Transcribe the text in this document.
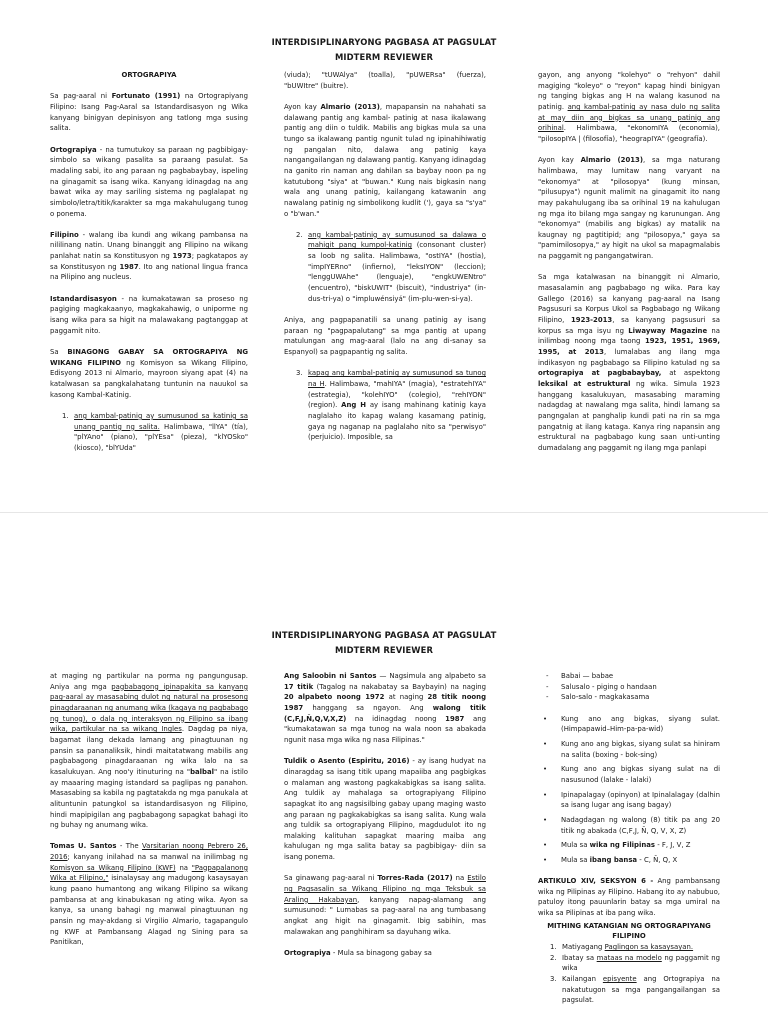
INTERDISIPLINARYONG PAGBASA AT PAGSULAT
MIDTERM REVIEWER
ORTOGRAPIYA

Sa pag-aaral ni Fortunato (1991) na Ortograpiyang Filipino: Isang Pag-Aaral sa Istandardisasyon ng Wika kanyang binigyan depinisyon ang tatlong mga susing salita.

Ortograpiya - na tumutukoy sa paraan ng pagbibigay-simbolo sa wikang pasalita sa paraang pasulat. Sa madaling sabi, ito ang paraan ng pagbabaybay, ispeling na ginagamit sa isang wika. Kanyang idinagdag na ang bawat wika ay may sariling sistema ng paglalapat ng simbolo/letra/titik/karakter sa mga makahulugang tunog o ponema.

Filipino - walang iba kundi ang wikang pambansa na nililinang natin. Unang binanggit ang Filipino na wikang panlahat natin sa Konstitusyon ng 1973; pagkatapos ay sa Konstitusyon ng 1987. Ito ang national lingua franca na Pilipino ang nucleus.

Istandardisasyon - na kumakatawan sa proseso ng pagiging magkakaanyo, magkakahawig, o uniporme ng isang wika para sa higit na malawakang pagtanggap at paggamit nito.

Sa BINAGONG GABAY SA ORTOGRAPIYA NG WIKANG FILIPINO ng Komisyon sa Wikang Filipino, Edisyong 2013 ni Almario, mayroon siyang apat (4) na katalwasan sa pangkalahatang tuntunin na nauukol sa kasong Kambal-Katinig.

1. ang kambal-patinig ay sumusunod sa katinig sa unang pantig ng salita. Halimbawa, "llYA" (tía), "plYAno" (piano), "plYEsa" (pieza), "klYOSko" (kiosco), "blYUda"

(viuda); "tUWAlya" (toalla), "pUWERsa" (fuerza), "bUWItre" (buitre).

Ayon kay Almario (2013), mapapansin na nahahati sa dalawang pantig ang kambal- patinig at nasa ikalawang pantig ang diin o tuldik. Mabilis ang bigkas mula sa una tungo sa ikalawang pantig ngunit tulad ng ipinahihiwatig ng pangalan nito, dalawa ang patinig kaya nangangailangan ng dalawang pantig. Kanyang idinagdag na ganito rin naman ang dahilan sa baybay noon pa ng katutubong "siya" at "buwan." Kung nais bigkasin nang wala ang unang patinig, kailangang katawanin ang nawalang patinig ng simbolikong kudlit ('), gaya sa "s'ya" o "b'wan."

2. ang kambal-patinig ay sumusunod sa dalawa o mahigit pang kumpol-katinig (consonant cluster) sa loob ng salita. Halimbawa, "ostIYA" (hostia), "impIYERno" (infierno), "leksIYON" (leccion); "lenggUWAhe" (lenguaje), "engkUWENtro" (encuentro), "biskUWIT" (biscuit), "industriya" (in-dus-tri-ya) o "impluwénsiyá" (im-plu-wen-si-ya).

Aniya, ang pagpapanatili sa unang patinig ay isang paraan ng "pagpapalutang" sa mga pantig at upang matulungan ang mag-aaral (lalo na ang di-sanay sa Espanyol) sa pagpapantig ng salita.

3. kapag ang kambal-patinig ay sumusunod sa tunog na H. Halimbawa, "mahIYA" (magia), "estratehIYA" (estrategia), "kolehIYO" (colegio), "rehIYON" (region). Ang H ay isang mahinang katinig kaya naglalaho ito kapag walang kasamang patinig, gaya ng naganap na paglalaho nito sa "perwisyo" (perjuicio). Imposible, sa

gayon, ang anyong "kolehyo" o "rehyon" dahil magiging "koleyo" o "reyon" kapag hindi binigyan ng tanging bigkas ang H na walang kasunod na patinig. ang kambal-patinig ay nasa dulo ng salita at may diin ang bigkas sa unang patinig ang orihinal. Halimbawa, "ekonomIYA (economia), "pilosopIYA | (filosofía), "heograpIYA" (geografía).

Ayon kay Almario (2013), sa mga naturang halimbawa, may lumitaw nang varyant na "ekonomya" at "pilosopya" (kung minsan, "pilusupya") ngunit malimit na ginagamit ito nang may pakahulugang iba sa orihinal 19 na kahulugan ng mga ito bilang mga sangay ng karunungan. Ang "ekonomya" (mabilis ang bigkas) ay matalik na kaugnay ng pagtitipid; ang "pilosopya," gaya sa "pamimilosopya," ay higit na ukol sa mapagmalabis na paggamit ng pangangatwiran.

Sa mga katalwasan na binanggit ni Almario, masasalamin ang pagbabago ng wika. Para kay Gallego (2016) sa kanyang pag-aaral na Isang Pagsusuri sa Korpus Ukol sa Pagbabago ng Wikang Filipino, 1923-2013, sa kanyang pagsusuri sa korpus sa mga isyu ng Liwayway Magazine na inilimbag noong mga taong 1923, 1951, 1969, 1995, at 2013, lumalabas ang ilang mga indikasyon ng pagbabago sa Filipino katulad ng sa ortograpiya at pagbabaybay, at aspektong leksikal at estruktural ng wika. Simula 1923 hanggang kasalukuyan, masasabing maraming nadagdag at nawalang mga salita, hindi lamang sa pangngalan at panghalip kundi pati na rin sa mga pangatnig at ilang kataga. Kanya ring napansin ang estruktural na pagbabago kung saan unti-unting dumadalang ang paggamit ng ilang mga panlapi

INTERDISIPLINARYONG PAGBASA AT PAGSULAT
MIDTERM REVIEWER

at maging ng partikular na porma ng pangungusap. Aniya ang mga pagbabagong ipinapakita sa kanyang pag-aaral ay masasabing dulot ng natural na prosesong pinagdaraanan ng anumang wika (kagaya ng pagbabago ng tunog), o dala ng interaksyon ng Filipino sa ibang wika, partikular na sa wikang Ingles. Dagdag pa niya, bagamat ilang dekada lamang ang pinagtuunan ng pansin sa pananaliksik, hindi maitatatwang mabilis ang pagbabagong pinagdaraanan ng wika lalo na sa kasalukuyan. Ang noo'y itinuturing na "balbal" na istilo ay maaaring maging istandard sa paglipas ng panahon. Masasabing sa kabila ng pagtatakda ng mga panukala at alituntunin patungkol sa istandardisasyon ng Filipino, hindi mapipigilan ang pagbabagong sapagkat bahagi ito ng buhay ng anumang wika.

Tomas U. Santos - The Varsitarian noong Pebrero 26, 2016; kanyang inilahad na sa manwal na inilimbag ng Komisyon sa Wikang Filipino (KWF) na "Pagpapalanong Wika at Filipino," isinalaysay ang madugong kasaysayan kung paano humantong ang wikang Filipino sa wikang pambansa at ang kinabukasan ng ating wika. Ayon sa kanya, sa unang bahagi ng manwal pinagtuunan ng pansin ng may-akdang si Virgilio Almario, tagapangulo ng KWF at Pambansang Alagad ng Sining para sa Panitikan,

Ang Saloobin ni Santos — Nagsimula ang alpabeto sa 17 titik (Tagalog na nakabatay sa Baybayin) na naging 20 alpabeto noong 1972 at naging 28 titik noong 1987 hanggang sa ngayon. Ang walong titik (C,F,J,Ñ,Q,V,X,Z) na idinagdag noong 1987 ang "kumakatawan sa mga tunog na wala noon sa abakada ngunit nasa mga wika ng nasa Filipinas."

Tuldik o Asento (Espiritu, 2016) - ay isang hudyat na dinaragdag sa isang titik upang mapaiiba ang pagbigkas o malaman ang wastong pagkakabigkas sa isang salita. Ang tuldik ay mahalaga sa ortograpiyang Filipino sapagkat ito ang nagsisilbing gabay upang maging wasto ang paraan ng pagkakabigkas sa isang salita. Kung wala ang tuldik sa ortograpiyang Filipino, magdudulot ito ng malaking kalituhan sapagkat maaring maiba ang kahulugan ng mga salita batay sa pagbibigay- diin sa isang ponema.

Sa ginawang pag-aaral ni Torres-Rada (2017) na Estilo ng Pagsasalin sa Wikang Filipino ng mga Teksbuk sa Araling Hakabayan, kanyang napag-alamang ang sumusunod: " Lumabas sa pag-aaral na ang tumbasang angkat ang higit na ginagamit. Ibig sabihin, mas malawakan ang panghihiram sa dayuhang wika.

Ortograpiya - Mula sa binagong gabay sa

- Babai — babae
- Salusalo - piging o handaan
- Salo-salo - magkakasama
• Kung ano ang bigkas, siyang sulat. (Himpapawid–Him-pa-pa-wid)
• Kung ano ang bigkas, siyang sulat sa hiniram na salita (boxing - bok-sing)
• Kung ano ang bigkas siyang sulat na di nasusunod (lalake - lalaki)
• Ipinapalagay (opinyon) at Ipinalalagay (dalhin sa isang lugar ang isang bagay)
• Nadagdagan ng walong (8) titik pa ang 20 titik ng abakada (C,F,J, Ñ, Q, V, X, Z)
• Mula sa wika ng Filipinas - F, J, V, Z
• Mula sa ibang bansa - C, Ñ, Q, X

ARTIKULO XIV, SEKSYON 6 - Ang pambansang wika ng Pilipinas ay Filipino. Habang ito ay nabubuo, patuloy itong pauunlarin batay sa mga umiral na wika sa Pilipinas at iba pang wika.

MITHING KATANGIAN NG ORTOGRAPIYANG FILIPINO
1. Matiyagang Paglingon sa kasaysayan.
2. Ibatay sa mataas na modelo ng paggamit ng wika
3. Kailangan episyente ang Ortograpiya na nakatutugon sa mga pangangailangan sa pagsulat.
